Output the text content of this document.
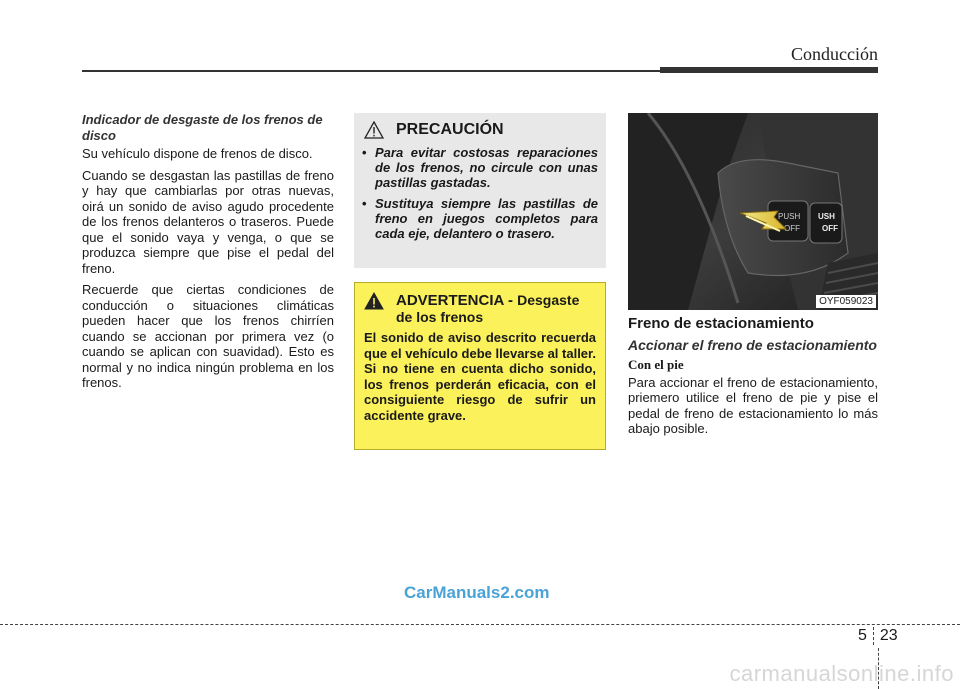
Conducción
Indicador de desgaste de los frenos de disco

Su vehículo dispone de frenos de disco.

Cuando se desgastan las pastillas de freno y hay que cambiarlas por otras nuevas, oirá un sonido de aviso agudo procedente de los frenos delanteros o traseros. Puede que el sonido vaya y venga, o que se produzca siempre que pise el pedal del freno.

Recuerde que ciertas condiciones de conducción o situaciones climáticas pueden hacer que los frenos chirríen cuando se accionan por primera vez (o cuando se aplican con suavidad). Esto es normal y no indica ningún problema en los frenos.

PRECAUCIÓN
• Para evitar costosas reparaciones de los frenos, no circule con unas pastillas gastadas.
• Sustituya siempre las pastillas de freno en juegos completos para cada eje, delantero o trasero.
ADVERTENCIA - Desgaste de los frenos
El sonido de aviso descrito recuerda que el vehículo debe llevarse al taller. Si no tiene en cuenta dicho sonido, los frenos perderán eficacia, con el consiguiente riesgo de sufrir un accidente grave.
PUSH
OFF
USH
OFF
OYF059023
Freno de estacionamiento
Accionar el freno de estacionamiento
Con el pie

Para accionar el freno de estacionamiento, priemero utilice el freno de pie y pise el pedal de freno de estacionamiento lo más abajo posible.

CarManuals2.com
5 23
carmanualsonline.info
